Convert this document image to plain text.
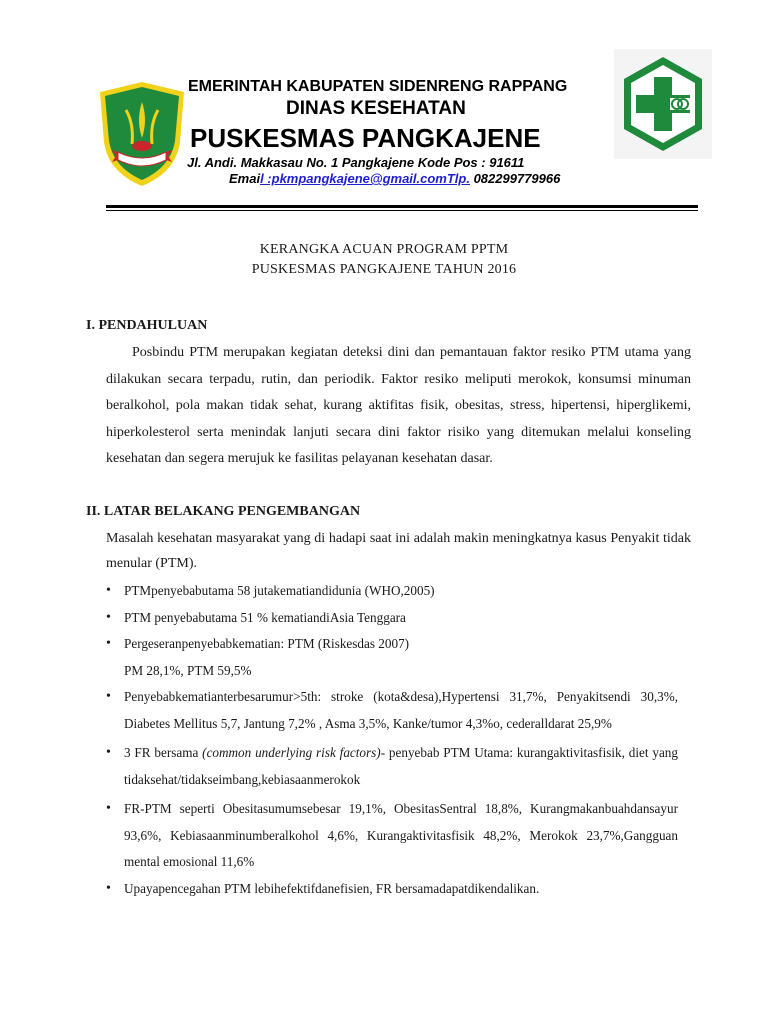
EMERINTAH KABUPATEN SIDENRENG RAPPANG
DINAS KESEHATAN
PUSKESMAS PANGKAJENE
Jl. Andi. Makkasau No. 1 Pangkajene Kode Pos : 91611
Email :pkmpangkajene@gmail.comTlp. 082299779966
KERANGKA ACUAN PROGRAM PPTM
PUSKESMAS PANGKAJENE TAHUN 2016
I. PENDAHULUAN
Posbindu PTM merupakan kegiatan deteksi dini dan pemantauan faktor resiko PTM utama yang dilakukan secara terpadu, rutin, dan periodik. Faktor resiko meliputi merokok, konsumsi minuman beralkohol, pola makan tidak sehat, kurang aktifitas fisik, obesitas, stress, hipertensi, hiperglikemi, hiperkolesterol serta menindak lanjuti secara dini faktor risiko yang ditemukan melalui konseling kesehatan dan segera merujuk ke fasilitas pelayanan kesehatan dasar.
II. LATAR BELAKANG PENGEMBANGAN
Masalah kesehatan masyarakat yang di hadapi saat ini adalah makin meningkatnya kasus Penyakit tidak menular (PTM).
• PTMpenyebabutama 58 jutakematiandidunia (WHO,2005)
• PTM penyebabutama 51 % kematiandiAsia Tenggara
• Pergeseranpenyebabkematian: PTM (Riskesdas 2007)
PM 28,1%, PTM 59,5%
• Penyebabkematianterbesarumur>5th: stroke (kota&desa),Hypertensi 31,7%, Penyakitsendi 30,3%, Diabetes Mellitus 5,7, Jantung 7,2% , Asma 3,5%, Kanke/tumor 4,3%o, cederalldarat 25,9%
• 3 FR bersama (common underlying risk factors)- penyebab PTM Utama: kurangaktivitasfisik, diet yang tidaksehat/tidakseimbang,kebiasaanmerokok
• FR-PTM seperti Obesitasumumsebesar 19,1%, ObesitasSentral 18,8%, Kurangmakanbuahdansayur 93,6%, Kebiasaanminumberalkohol 4,6%, Kurangaktivitasfisik 48,2%, Merokok 23,7%,Gangguan mental emosional 11,6%
• Upayapencegahan PTM lebihefektifdanefisien, FR bersamadapatdikendalikan.
